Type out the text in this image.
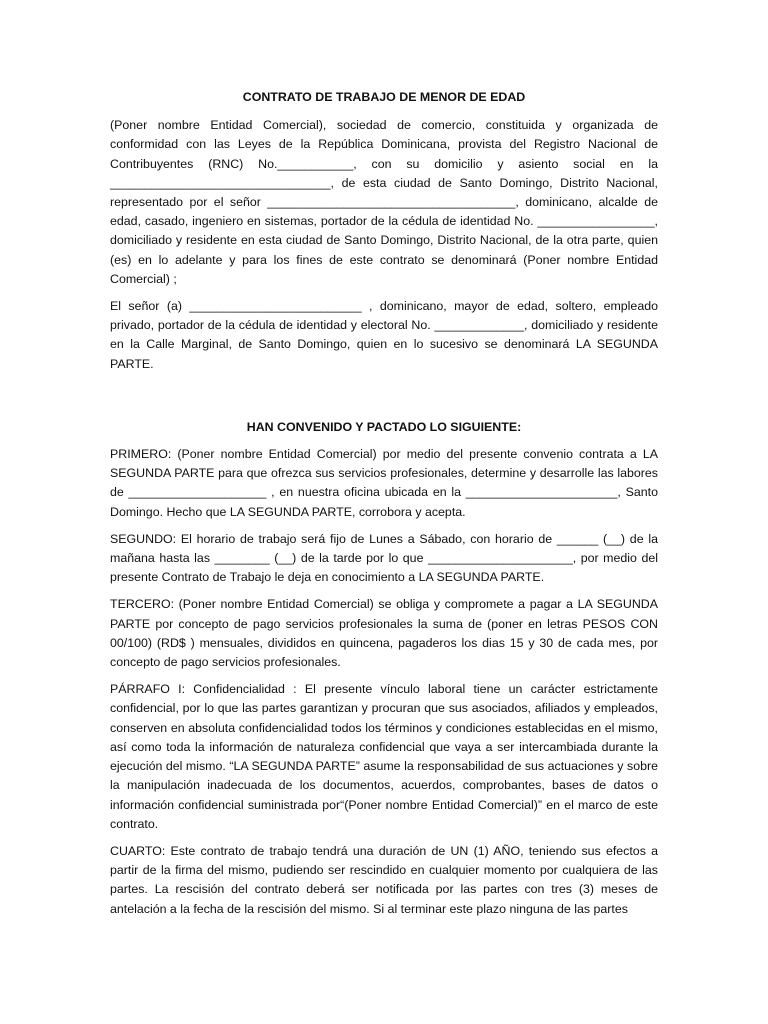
CONTRATO DE TRABAJO DE MENOR DE EDAD

(Poner nombre Entidad Comercial), sociedad de comercio, constituida y organizada de conformidad con las Leyes de la República Dominicana, provista del Registro Nacional de Contribuyentes (RNC) No.___________, con su domicilio y asiento social en la ________________________________, de esta ciudad de Santo Domingo, Distrito Nacional, representado por el señor ____________________________________, dominicano, alcalde de edad, casado, ingeniero en sistemas, portador de la cédula de identidad No. _________________, domiciliado y residente en esta ciudad de Santo Domingo, Distrito Nacional, de la otra parte, quien (es) en lo adelante y para los fines de este contrato se denominará (Poner nombre Entidad Comercial) ;

El señor (a) _________________________ , dominicano, mayor de edad, soltero, empleado privado, portador de la cédula de identidad y electoral No. _____________, domiciliado y residente en la Calle Marginal, de Santo Domingo, quien en lo sucesivo se denominará LA SEGUNDA PARTE.

HAN CONVENIDO Y PACTADO LO SIGUIENTE:

PRIMERO: (Poner nombre Entidad Comercial) por medio del presente convenio contrata a LA SEGUNDA PARTE para que ofrezca sus servicios profesionales, determine y desarrolle las labores de ____________________ , en nuestra oficina ubicada en la ______________________, Santo Domingo. Hecho que LA SEGUNDA PARTE, corrobora y acepta.

SEGUNDO: El horario de trabajo será fijo de Lunes a Sábado, con horario de ______ (__) de la mañana hasta las ________ (__) de la tarde por lo que _____________________, por medio del presente Contrato de Trabajo le deja en conocimiento a LA SEGUNDA PARTE.

TERCERO: (Poner nombre Entidad Comercial) se obliga y compromete a pagar a LA SEGUNDA PARTE por concepto de pago servicios profesionales la suma de (poner en letras PESOS CON 00/100) (RD$ ) mensuales, divididos en quincena, pagaderos los dias 15 y 30 de cada mes, por concepto de pago servicios profesionales.

PÁRRAFO I: Confidencialidad : El presente vínculo laboral tiene un carácter estrictamente confidencial, por lo que las partes garantizan y procuran que sus asociados, afiliados y empleados, conserven en absoluta confidencialidad todos los términos y condiciones establecidas en el mismo, así como toda la información de naturaleza confidencial que vaya a ser intercambiada durante la ejecución del mismo. “LA SEGUNDA PARTE” asume la responsabilidad de sus actuaciones y sobre la manipulación inadecuada de los documentos, acuerdos, comprobantes, bases de datos o información confidencial suministrada por“(Poner nombre Entidad Comercial)” en el marco de este contrato.

CUARTO: Este contrato de trabajo tendrá una duración de UN (1) AÑO, teniendo sus efectos a partir de la firma del mismo, pudiendo ser rescindido en cualquier momento por cualquiera de las partes. La rescisión del contrato deberá ser notificada por las partes con tres (3) meses de antelación a la fecha de la rescisión del mismo. Si al terminar este plazo ninguna de las partes
